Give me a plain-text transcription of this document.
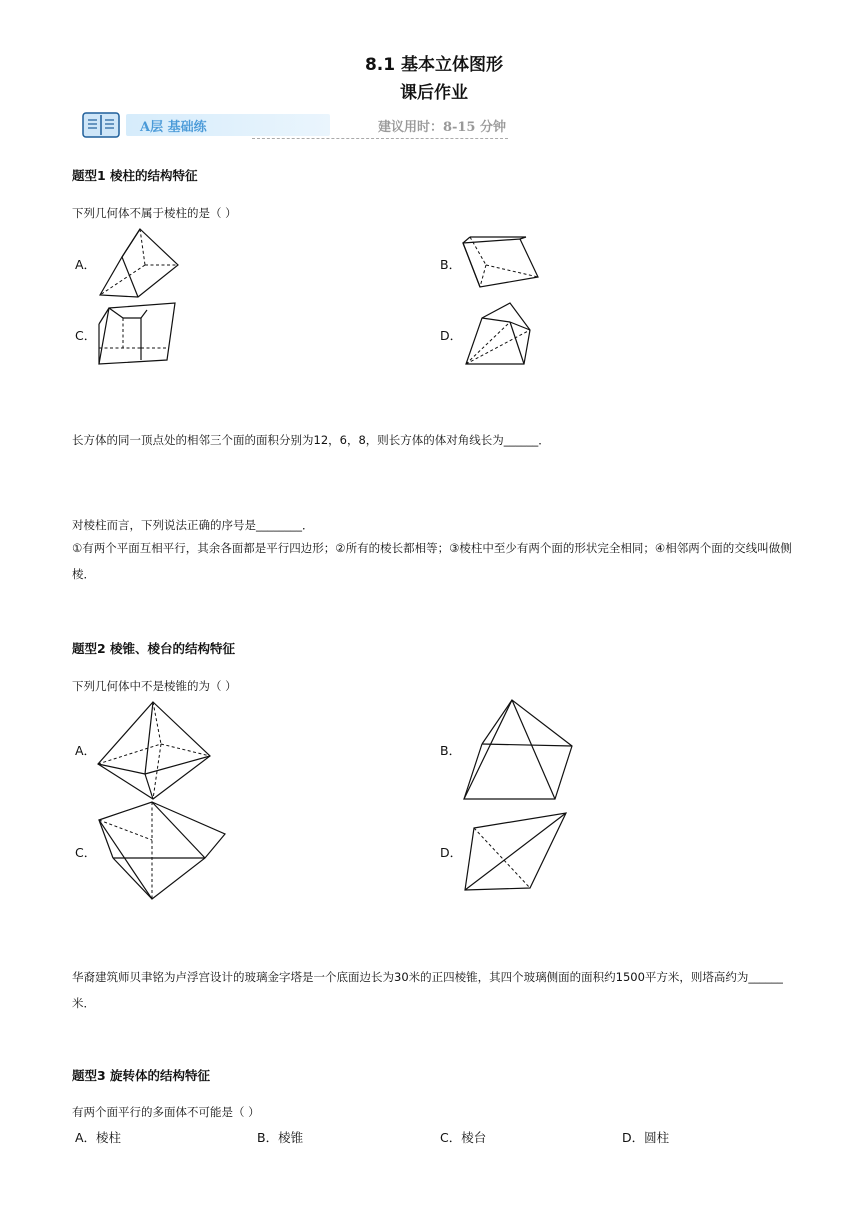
8.1 基本立体图形
课后作业
A层 基础练	建议用时：8-15 分钟
题型1 棱柱的结构特征
下列几何体不属于棱柱的是（ ）
A．	B．
C．	D．
长方体的同一顶点处的相邻三个面的面积分别为12，6，8，则长方体的体对角线长为______．
对棱柱而言，下列说法正确的序号是________．
①有两个平面互相平行，其余各面都是平行四边形；②所有的棱长都相等；③棱柱中至少有两个面的形状完全相同；④相邻两个面的交线叫做侧棱．
题型2 棱锥、棱台的结构特征
下列几何体中不是棱锥的为（ ）
A．	B．
C．	D．
华裔建筑师贝聿铭为卢浮宫设计的玻璃金字塔是一个底面边长为30米的正四棱锥，其四个玻璃侧面的面积约1500平方米，则塔高约为______米．
题型3 旋转体的结构特征
有两个面平行的多面体不可能是（ ）
A．棱柱	B．棱锥	C．棱台	D．圆柱
